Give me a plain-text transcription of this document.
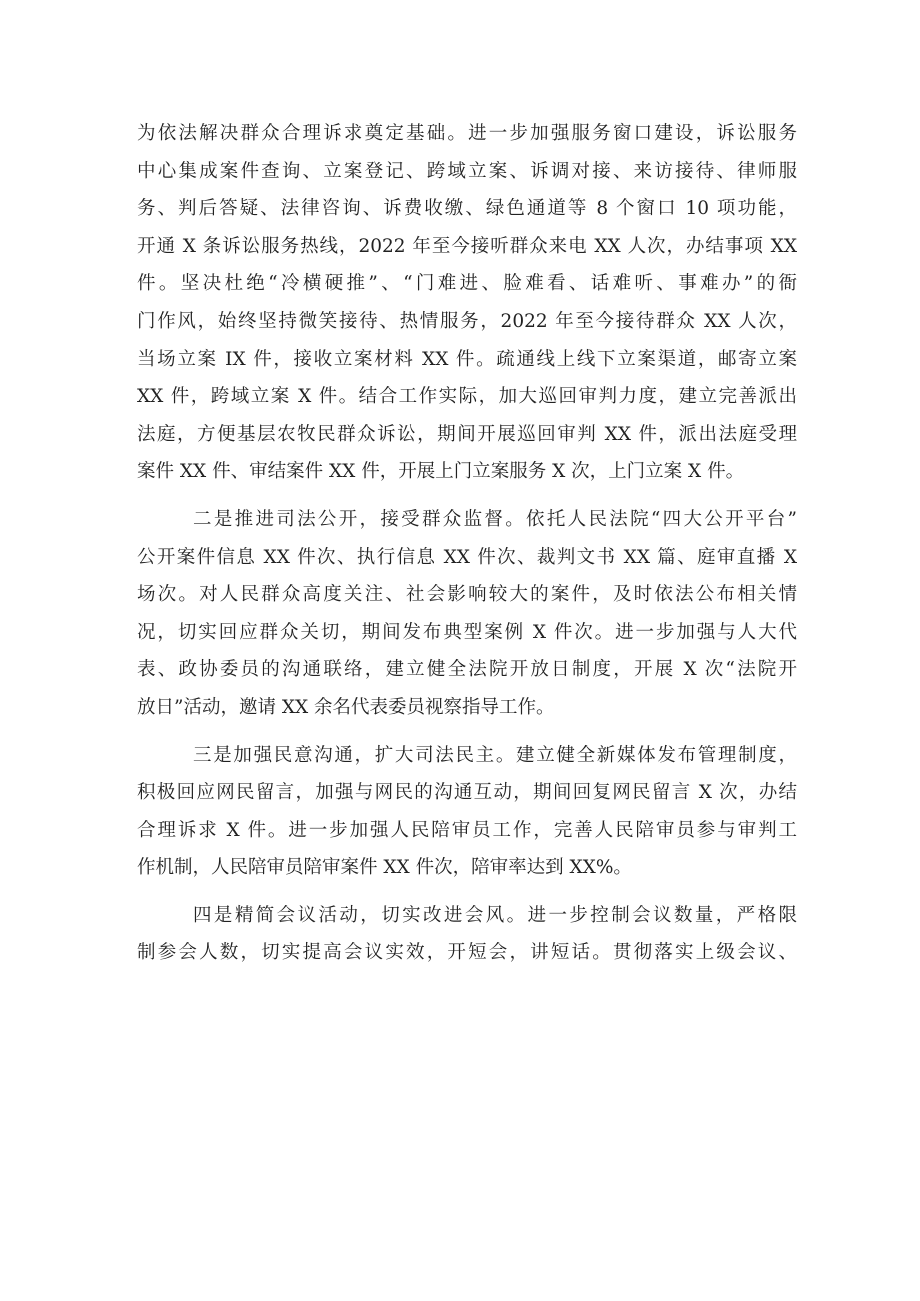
为依法解决群众合理诉求奠定基础。进一步加强服务窗口建设，诉讼服务
中心集成案件查询、立案登记、跨域立案、诉调对接、来访接待、律师服
务、判后答疑、法律咨询、诉费收缴、绿色通道等 8 个窗口 10 项功能，
开通 X 条诉讼服务热线，2022 年至今接听群众来电 XX 人次，办结事项 XX
件。坚决杜绝“冷横硬推”、“门难进、脸难看、话难听、事难办”的衙
门作风，始终坚持微笑接待、热情服务，2022 年至今接待群众 XX 人次，
当场立案 IX 件，接收立案材料 XX 件。疏通线上线下立案渠道，邮寄立案
XX 件，跨域立案 X 件。结合工作实际，加大巡回审判力度，建立完善派出
法庭，方便基层农牧民群众诉讼，期间开展巡回审判 XX 件，派出法庭受理
案件 XX 件、审结案件 XX 件，开展上门立案服务 X 次，上门立案 X 件。
二是推进司法公开，接受群众监督。依托人民法院“四大公开平台”
公开案件信息 XX 件次、执行信息 XX 件次、裁判文书 XX 篇、庭审直播 X
场次。对人民群众高度关注、社会影响较大的案件，及时依法公布相关情
况，切实回应群众关切，期间发布典型案例 X 件次。进一步加强与人大代
表、政协委员的沟通联络，建立健全法院开放日制度，开展 X 次“法院开
放日”活动，邀请 XX 余名代表委员视察指导工作。
三是加强民意沟通，扩大司法民主。建立健全新媒体发布管理制度，
积极回应网民留言，加强与网民的沟通互动，期间回复网民留言 X 次，办结
合理诉求 X 件。进一步加强人民陪审员工作，完善人民陪审员参与审判工
作机制，人民陪审员陪审案件 XX 件次，陪审率达到 XX%。
四是精简会议活动，切实改进会风。进一步控制会议数量，严格限
制参会人数，切实提高会议实效，开短会，讲短话。贯彻落实上级会议、
